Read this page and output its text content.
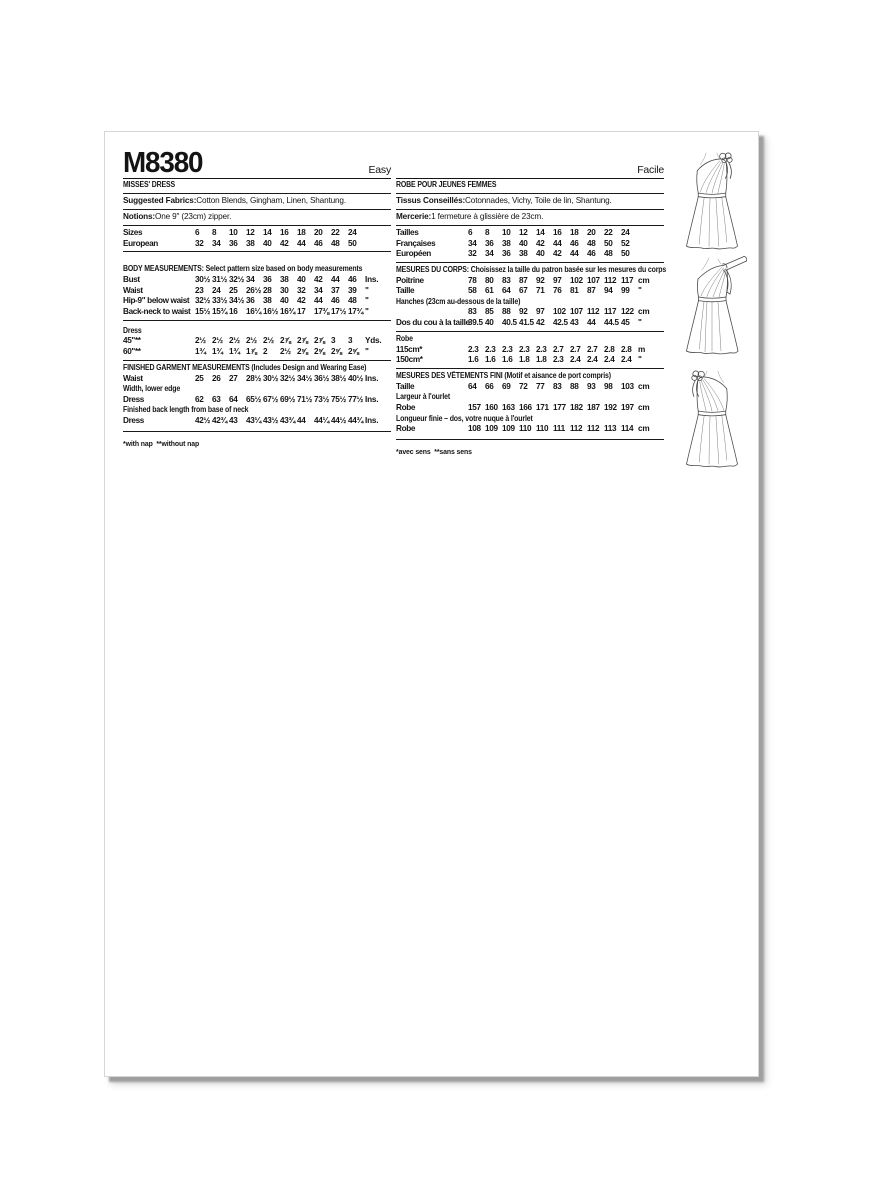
M8380	Easy
MISSES' DRESS
Suggested Fabrics: Cotton Blends, Gingham, Linen, Shantung.
Notions: One 9" (23cm) zipper.
Sizes	6	8	10	12	14	16	18	20	22	24
European	32	34	36	38	40	42	44	46	48	50
BODY MEASUREMENTS: Select pattern size based on body measurements
Bust	30½ 31½ 32½ 34	36	38	40	42	44	46	Ins.
Waist	23	24	25	26½ 28	30	32	34	37	39	"
Hip-9" below waist 32½ 33½ 34½ 36	38	40	42	44	46	48	"
Back-neck to waist 15½ 15¾ 16	16¼ 16½ 16¾ 17	17⅜ 17½ 17¾ "
Dress
45"**	2½ 2½ 2½ 2½ 2½ 2⅞ 2⅞ 2⅞ 3	3	Yds.
60"**	1¾ 1¾ 1¾ 1⅞ 2	2½ 2⅝ 2⅝ 2⅝ 2⅝ "
FINISHED GARMENT MEASUREMENTS (Includes Design and Wearing Ease)
Waist	25	26	27	28½ 30½ 32½ 34½ 36½ 38½ 40½ Ins.
Width, lower edge
Dress	62	63	64	65½ 67½ 69½ 71½ 73½ 75½ 77½ Ins.
Finished back length from base of neck
Dress	42½ 42¾ 43	43¼ 43½ 43¾ 44	44¼ 44½ 44¾ Ins.
*with nap  **without nap
Facile
ROBE POUR JEUNES FEMMES
Tissus Conseillés: Cotonnades, Vichy, Toile de lin, Shantung.
Mercerie: 1 fermeture à glissière de 23cm.
Tailles	6	8	10	12	14	16	18	20	22	24
Françaises	34	36	38	40	42	44	46	48	50	52
Européen	32	34	36	38	40	42	44	46	48	50
MESURES DU CORPS: Choisissez la taille du patron basée sur les mesures du corps
Poitrine	78	80	83	87	92	97	102 107 112 117 cm
Taille	58	61	64	67	71	76	81	87	94	99	"
Hanches (23cm au-dessous de la taille)
83	85	88	92	97	102 107 112 117 122 cm
Dos du cou à la taille
39.5 40	40.5 41.5 42	42.5 43	44	44.5 45	"
Robe
115cm*	2.3 2.3 2.3 2.3 2.3 2.7 2.7 2.7 2.8 2.8 m
150cm*	1.6 1.6 1.6 1.8 1.8 2.3 2.4 2.4 2.4 2.4 "
MESURES DES VÊTEMENTS FINI (Motif et aisance de port compris)
Taille	64	66	69	72	77	83	88	93	98	103 cm
Largeur à l'ourlet
Robe	157 160 163 166 171 177 182 187 192 197 cm
Longueur finie – dos, votre nuque à l'ourlet
Robe	108 109 109 110 110 111 112 112 113 114 cm
*avec sens  **sans sens
